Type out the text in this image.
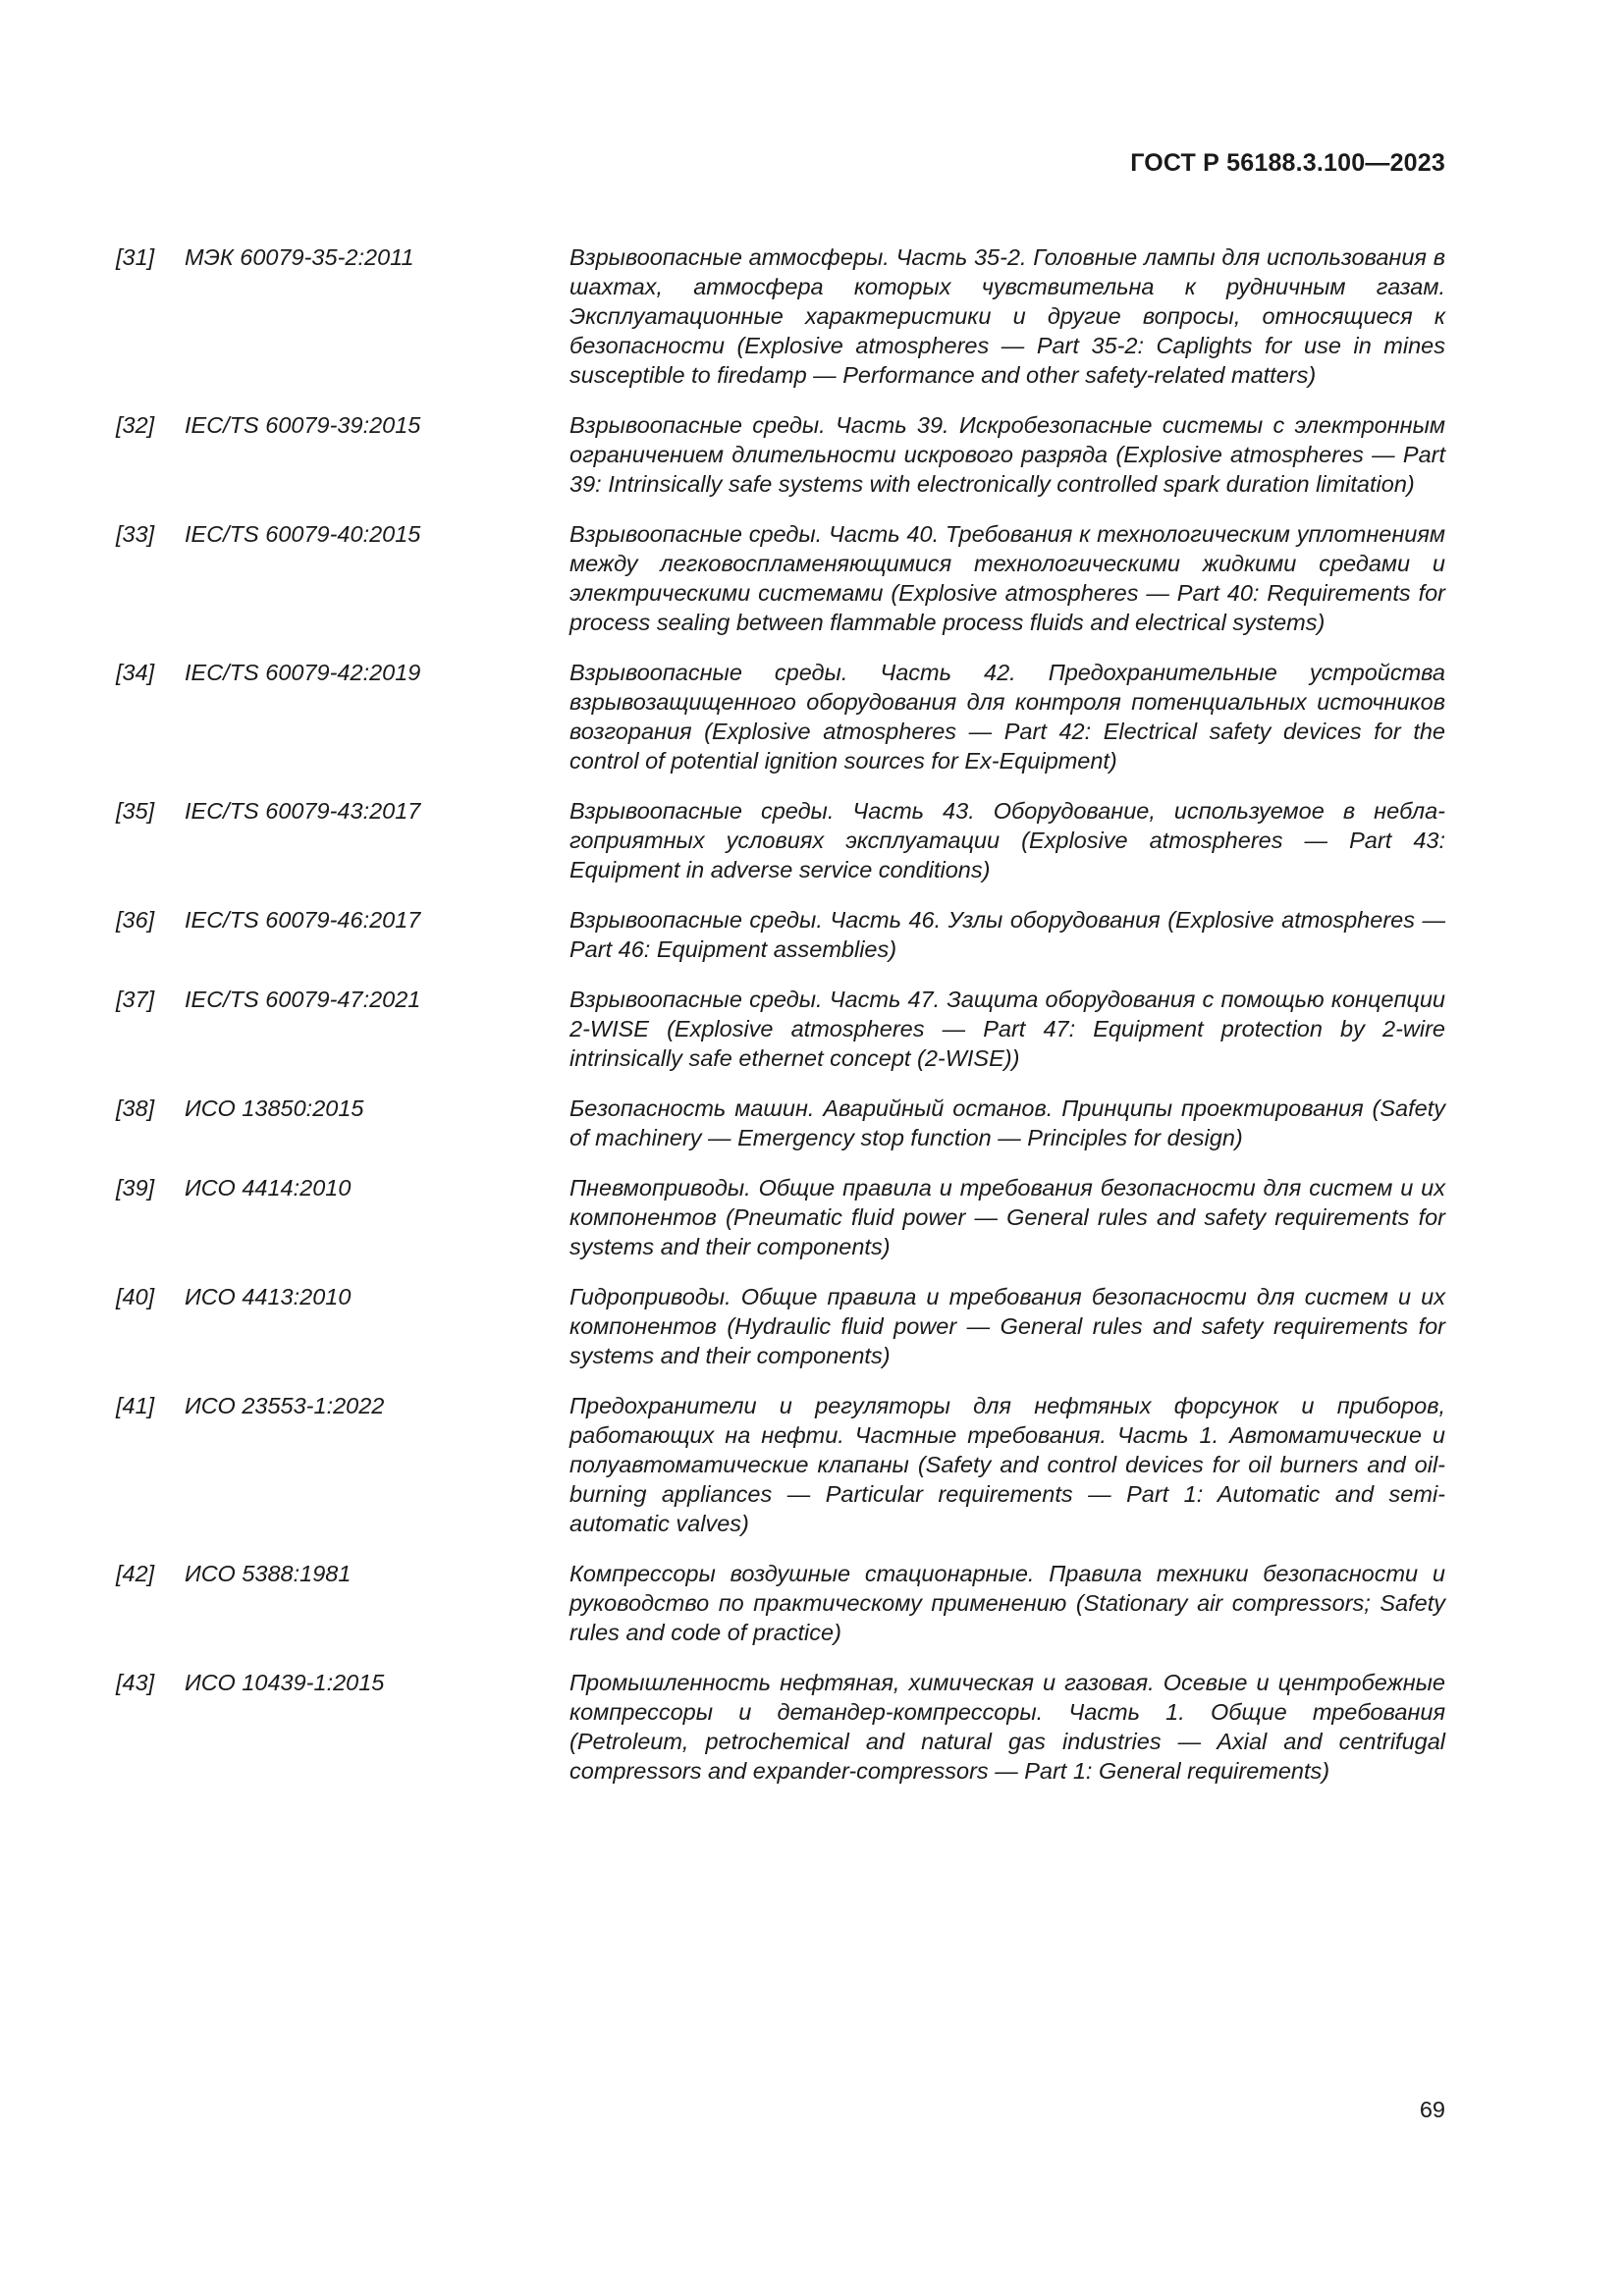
ГОСТ Р 56188.3.100—2023
[31]	МЭК 60079-35-2:2011	Взрывоопасные атмосферы. Часть 35-2. Головные лампы для использования в шахтах, атмосфера которых чувствительна к рудничным газам. Эксплуатационные характеристики и другие вопросы, относящиеся к безопасности (Explosive atmospheres — Part 35-2: Caplights for use in mines susceptible to firedamp — Performance and other safety-related matters)
[32]	IEC/TS 60079-39:2015	Взрывоопасные среды. Часть 39. Искробезопасные системы с электронным ограничением длительности искрового разряда (Explosive atmospheres — Part 39: Intrinsically safe systems with electronically controlled spark duration limitation)
[33]	IEC/TS 60079-40:2015	Взрывоопасные среды. Часть 40. Требования к технологическим уплотнениям между легковоспламеняющимися технологическими жидкими средами и электрическими системами (Explosive atmospheres — Part 40: Requirements for process sealing between flammable process fluids and electrical systems)
[34]	IEC/TS 60079-42:2019	Взрывоопасные среды. Часть 42. Предохранительные устройства взрывозащищенного оборудования для контроля потенциальных источников возгорания (Explosive atmospheres — Part 42: Electrical safety devices for the control of potential ignition sources for Ex-Equipment)
[35]	IEC/TS 60079-43:2017	Взрывоопасные среды. Часть 43. Оборудование, используемое в неблагоприятных условиях эксплуатации (Explosive atmospheres — Part 43: Equipment in adverse service conditions)
[36]	IEC/TS 60079-46:2017	Взрывоопасные среды. Часть 46. Узлы оборудования (Explosive atmospheres — Part 46: Equipment assemblies)
[37]	IEC/TS 60079-47:2021	Взрывоопасные среды. Часть 47. Защита оборудования с помощью концепции 2-WISE (Explosive atmospheres — Part 47: Equipment protection by 2-wire intrinsically safe ethernet concept (2-WISE))
[38]	ИСО 13850:2015	Безопасность машин. Аварийный останов. Принципы проектирования (Safety of machinery — Emergency stop function — Principles for design)
[39]	ИСО 4414:2010	Пневмоприводы. Общие правила и требования безопасности для систем и их компонентов (Pneumatic fluid power — General rules and safety requirements for systems and their components)
[40]	ИСО 4413:2010	Гидроприводы. Общие правила и требования безопасности для систем и их компонентов (Hydraulic fluid power — General rules and safety requirements for systems and their components)
[41]	ИСО 23553-1:2022	Предохранители и регуляторы для нефтяных форсунок и приборов, работающих на нефти. Частные требования. Часть 1. Автоматические и полуавтоматические клапаны (Safety and control devices for oil burners and oil-burning appliances — Particular requirements — Part 1: Automatic and semi-automatic valves)
[42]	ИСО 5388:1981	Компрессоры воздушные стационарные. Правила техники безопасности и руководство по практическому применению (Stationary air compressors; Safety rules and code of practice)
[43]	ИСО 10439-1:2015	Промышленность нефтяная, химическая и газовая. Осевые и центробежные компрессоры и детандер-компрессоры. Часть 1. Общие требования (Petroleum, petrochemical and natural gas industries — Axial and centrifugal compressors and expander-compressors — Part 1: General requirements)
69
